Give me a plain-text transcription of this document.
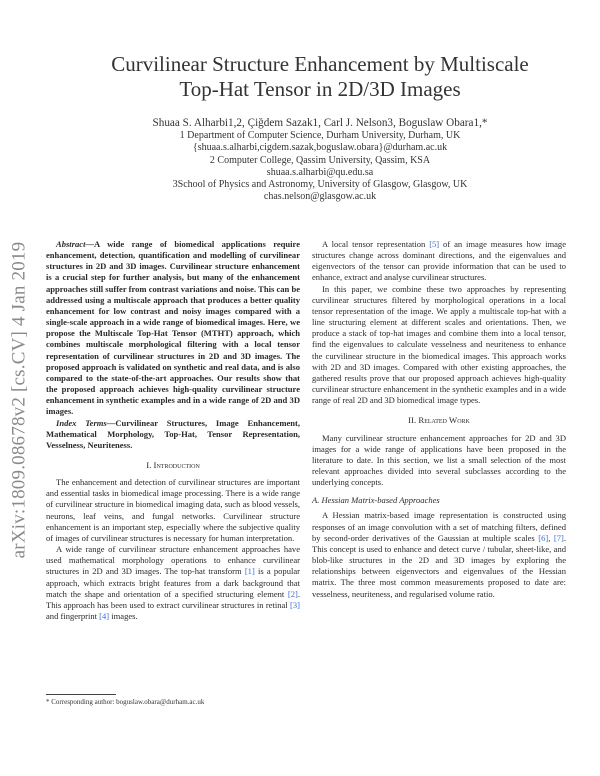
arXiv:1809.08678v2 [cs.CV] 4 Jan 2019
Curvilinear Structure Enhancement by Multiscale
Top-Hat Tensor in 2D/3D Images
Shuaa S. Alharbi1,2, Çiğdem Sazak1, Carl J. Nelson3, Boguslaw Obara1,*
1 Department of Computer Science, Durham University, Durham, UK
{shuaa.s.alharbi,cigdem.sazak,boguslaw.obara}@durham.ac.uk
2 Computer College, Qassim University, Qassim, KSA
shuaa.s.alharbi@qu.edu.sa
3School of Physics and Astronomy, University of Glasgow, Glasgow, UK
chas.nelson@glasgow.ac.uk

Abstract—A wide range of biomedical applications require enhancement, detection, quantification and modelling of curvilinear structures in 2D and 3D images. Curvilinear structure enhancement is a crucial step for further analysis, but many of the enhancement approaches still suffer from contrast variations and noise. This can be addressed using a multiscale approach that produces a better quality enhancement for low contrast and noisy images compared with a single-scale approach in a wide range of biomedical images. Here, we propose the Multiscale Top-Hat Tensor (MTHT) approach, which combines multiscale morphological filtering with a local tensor representation of curvilinear structures in 2D and 3D images. The proposed approach is validated on synthetic and real data, and is also compared to the state-of-the-art approaches. Our results show that the proposed approach achieves high-quality curvilinear structure enhancement in synthetic examples and in a wide range of 2D and 3D images.

Index Terms—Curvilinear Structures, Image Enhancement, Mathematical Morphology, Top-Hat, Tensor Representation, Vesselness, Neuriteness.

I. Introduction

The enhancement and detection of curvilinear structures are important and essential tasks in biomedical image processing. There is a wide range of curvilinear structure in biomedical imaging data, such as blood vessels, neurons, leaf veins, and fungal networks. Curvilinear structure enhancement is an important step, especially where the subjective quality of images of curvilinear structures is necessary for human interpretation.

A wide range of curvilinear structure enhancement approaches have used mathematical morphology operations to enhance curvilinear structures in 2D and 3D images. The top-hat transform [1] is a popular approach, which extracts bright features from a dark background that match the shape and orientation of a specified structuring element [2]. This approach has been used to extract curvilinear structures in retinal [3] and fingerprint [4] images.

* Corresponding author: boguslaw.obara@durham.ac.uk

A local tensor representation [5] of an image measures how image structures change across dominant directions, and the eigenvalues and eigenvectors of the tensor can provide information that can be used to enhance, extract and analyse curvilinear structures.

In this paper, we combine these two approaches by representing curvilinear structures filtered by morphological operations in a local tensor representation of the image. We apply a multiscale top-hat with a line structuring element at different scales and orientations. Then, we produce a stack of top-hat images and combine them into a local tensor, find the eigenvalues to calculate vesselness and neuriteness to enhance the curvilinear structure in the biomedical images. This approach works with 2D and 3D images. Compared with other existing approaches, the gathered results prove that our proposed approach achieves high-quality curvilinear structure enhancement in the synthetic examples and in a wide range of real 2D and 3D biomedical image types.

II. Related Work

Many curvilinear structure enhancement approaches for 2D and 3D images for a wide range of applications have been proposed in the literature to date. In this section, we list a small selection of the most relevant approaches divided into several subclasses according to the underlying concepts.

A. Hessian Matrix-based Approaches

A Hessian matrix-based image representation is constructed using responses of an image convolution with a set of matching filters, defined by second-order derivatives of the Gaussian at multiple scales [6], [7]. This concept is used to enhance and detect curve / tubular, sheet-like, and blob-like structures in the 2D and 3D images by exploring the relationships between eigenvectors and eigenvalues of the Hessian matrix. The three most common measurements proposed to date are: vesselness, neuriteness, and regularised volume ratio.
